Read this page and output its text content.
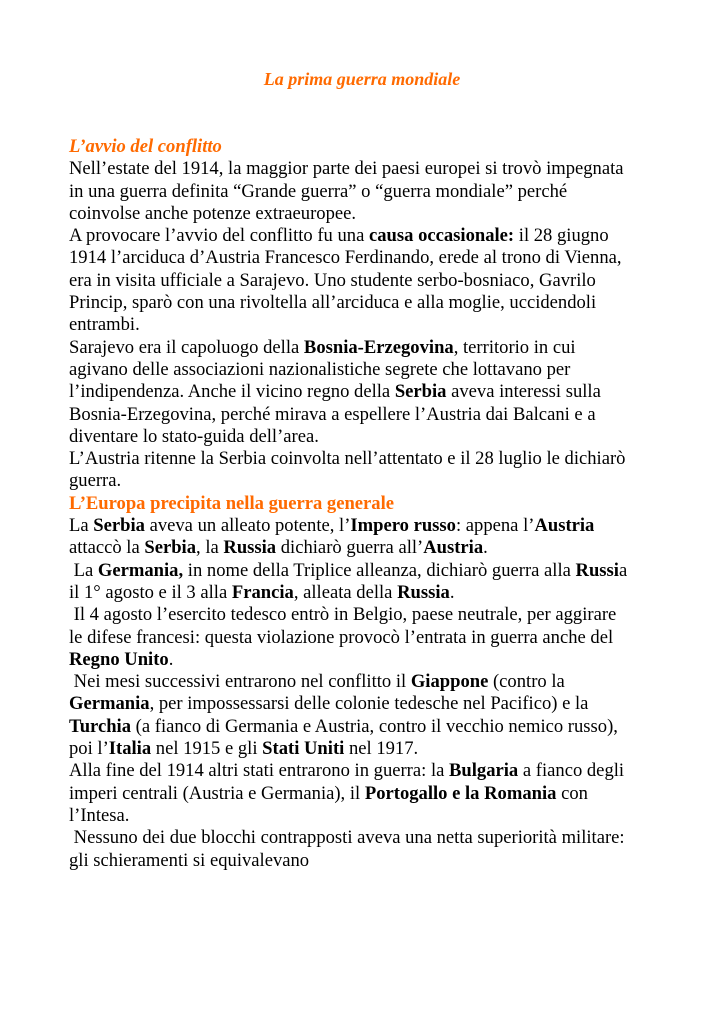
La prima guerra mondiale
L’avvio del conflitto
Nell’estate del 1914, la maggior parte dei paesi europei si trovò impegnata
in una guerra definita “Grande guerra” o “guerra mondiale” perché
coinvolse anche potenze extraeuropee.
A provocare l’avvio del conflitto fu una causa occasionale: il 28 giugno
1914 l’arciduca d’Austria Francesco Ferdinando, erede al trono di Vienna,
era in visita ufficiale a Sarajevo. Uno studente serbo-bosniaco, Gavrilo
Princip, sparò con una rivoltella all’arciduca e alla moglie, uccidendoli
entrambi.
Sarajevo era il capoluogo della Bosnia-Erzegovina, territorio in cui
agivano delle associazioni nazionalistiche segrete che lottavano per
l’indipendenza. Anche il vicino regno della Serbia aveva interessi sulla
Bosnia-Erzegovina, perché mirava a espellere l’Austria dai Balcani e a
diventare lo stato-guida dell’area.
L’Austria ritenne la Serbia coinvolta nell’attentato e il 28 luglio le dichiarò
guerra.
L’Europa precipita nella guerra generale
La Serbia aveva un alleato potente, l’Impero russo: appena l’Austria
attaccò la Serbia, la Russia dichiarò guerra all’Austria.
La Germania, in nome della Triplice alleanza, dichiarò guerra alla Russia
il 1° agosto e il 3 alla Francia, alleata della Russia.
Il 4 agosto l’esercito tedesco entrò in Belgio, paese neutrale, per aggirare
le difese francesi: questa violazione provocò l’entrata in guerra anche del
Regno Unito.
Nei mesi successivi entrarono nel conflitto il Giappone (contro la
Germania, per impossessarsi delle colonie tedesche nel Pacifico) e la
Turchia (a fianco di Germania e Austria, contro il vecchio nemico russo),
poi l’Italia nel 1915 e gli Stati Uniti nel 1917.
Alla fine del 1914 altri stati entrarono in guerra: la Bulgaria a fianco degli
imperi centrali (Austria e Germania), il Portogallo e la Romania con
l’Intesa.
Nessuno dei due blocchi contrapposti aveva una netta superiorità militare:
gli schieramenti si equivalevano
